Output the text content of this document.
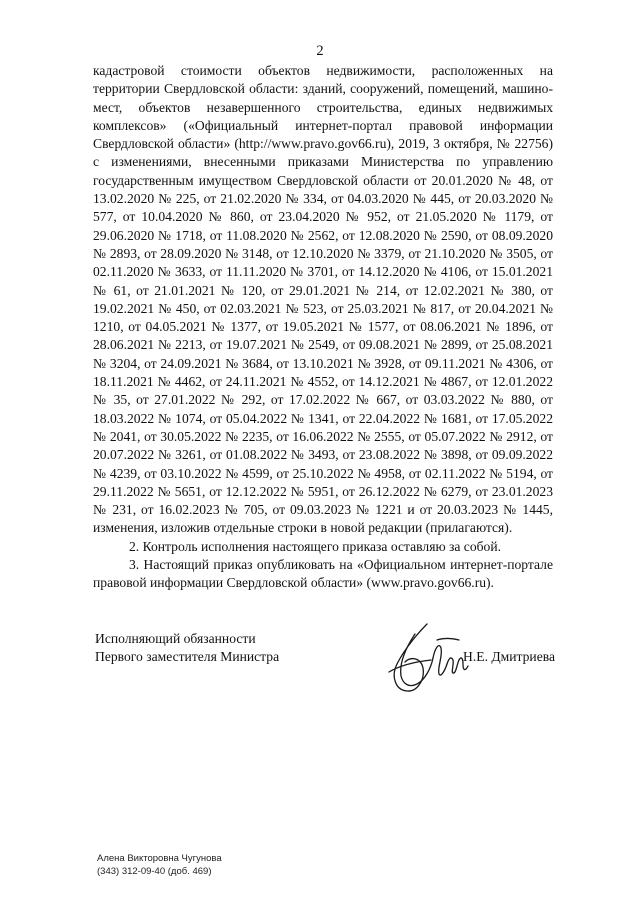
2

кадастровой стоимости объектов недвижимости, расположенных на территории Свердловской области: зданий, сооружений, помещений, машино-мест, объектов незавершенного строительства, единых недвижимых комплексов» («Официальный интернет-портал правовой информации Свердловской области» (http://www.pravo.gov66.ru), 2019, 3 октября, № 22756) с изменениями, внесенными приказами Министерства по управлению государственным имуществом Свердловской области от 20.01.2020 № 48, от 13.02.2020 № 225, от 21.02.2020 № 334, от 04.03.2020 № 445, от 20.03.2020 № 577, от 10.04.2020 № 860, от 23.04.2020 № 952, от 21.05.2020 № 1179, от 29.06.2020 № 1718, от 11.08.2020 № 2562, от 12.08.2020 № 2590, от 08.09.2020 № 2893, от 28.09.2020 № 3148, от 12.10.2020 № 3379, от 21.10.2020 № 3505, от 02.11.2020 № 3633, от 11.11.2020 № 3701, от 14.12.2020 № 4106, от 15.01.2021 № 61, от 21.01.2021 № 120, от 29.01.2021 № 214, от 12.02.2021 № 380, от 19.02.2021 № 450, от 02.03.2021 № 523, от 25.03.2021 № 817, от 20.04.2021 № 1210, от 04.05.2021 № 1377, от 19.05.2021 № 1577, от 08.06.2021 № 1896, от 28.06.2021 № 2213, от 19.07.2021 № 2549, от 09.08.2021 № 2899, от 25.08.2021 № 3204, от 24.09.2021 № 3684, от 13.10.2021 № 3928, от 09.11.2021 № 4306, от 18.11.2021 № 4462, от 24.11.2021 № 4552, от 14.12.2021 № 4867, от 12.01.2022 № 35, от 27.01.2022 № 292, от 17.02.2022 № 667, от 03.03.2022 № 880, от 18.03.2022 № 1074, от 05.04.2022 № 1341, от 22.04.2022 № 1681, от 17.05.2022 № 2041, от 30.05.2022 № 2235, от 16.06.2022 № 2555, от 05.07.2022 № 2912, от 20.07.2022 № 3261, от 01.08.2022 № 3493, от 23.08.2022 № 3898, от 09.09.2022 № 4239, от 03.10.2022 № 4599, от 25.10.2022 № 4958, от 02.11.2022 № 5194, от 29.11.2022 № 5651, от 12.12.2022 № 5951, от 26.12.2022 № 6279, от 23.01.2023 № 231, от 16.02.2023 № 705, от 09.03.2023 № 1221 и от 20.03.2023 № 1445, изменения, изложив отдельные строки в новой редакции (прилагаются).

2. Контроль исполнения настоящего приказа оставляю за собой.

3. Настоящий приказ опубликовать на «Официальном интернет-портале правовой информации Свердловской области» (www.pravo.gov66.ru).

Исполняющий обязанности
Первого заместителя Министра	Н.Е. Дмитриева
Алена Викторовна Чугунова
(343) 312-09-40 (доб. 469)
